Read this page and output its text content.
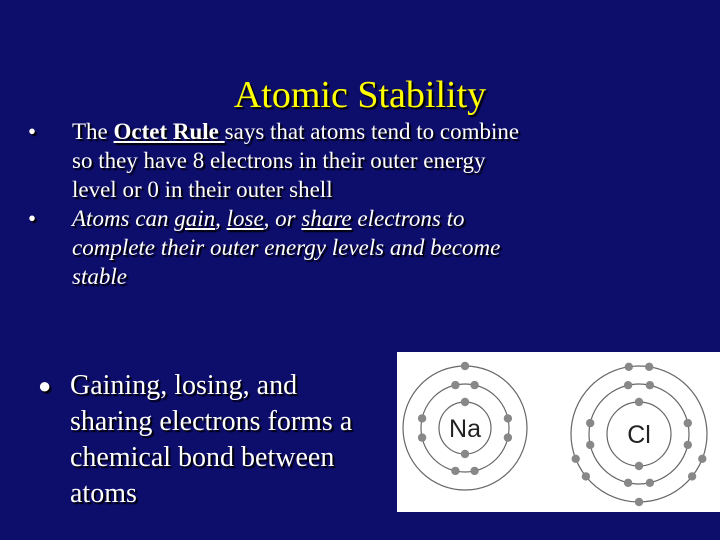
Atomic Stability
• The Octet Rule says that atoms tend to combine
so they have 8 electrons in their outer energy
level or 0 in their outer shell
• Atoms can gain, lose, or share electrons to
complete their outer energy levels and become
stable
● Gaining, losing, and
sharing electrons forms a
chemical bond between
atoms
Na	Cl
